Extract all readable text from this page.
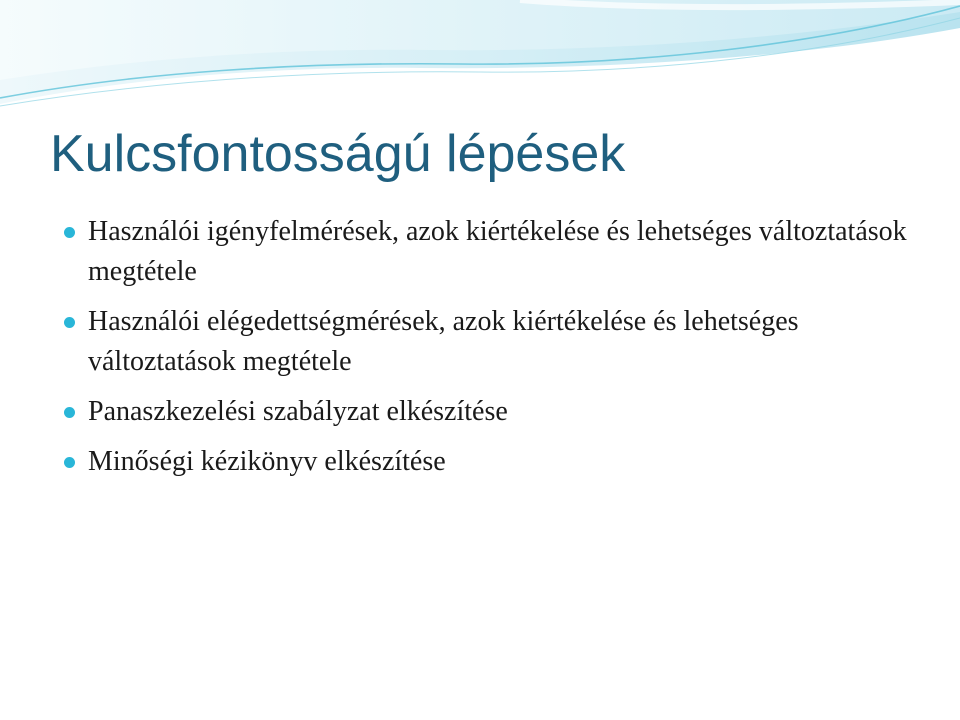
Kulcsfontosságú lépések
Használói igényfelmérések, azok kiértékelése és lehetséges változtatások megtétele
Használói elégedettségmérések, azok kiértékelése és lehetséges változtatások megtétele
Panaszkezelési szabályzat elkészítése
Minőségi kézikönyv elkészítése
